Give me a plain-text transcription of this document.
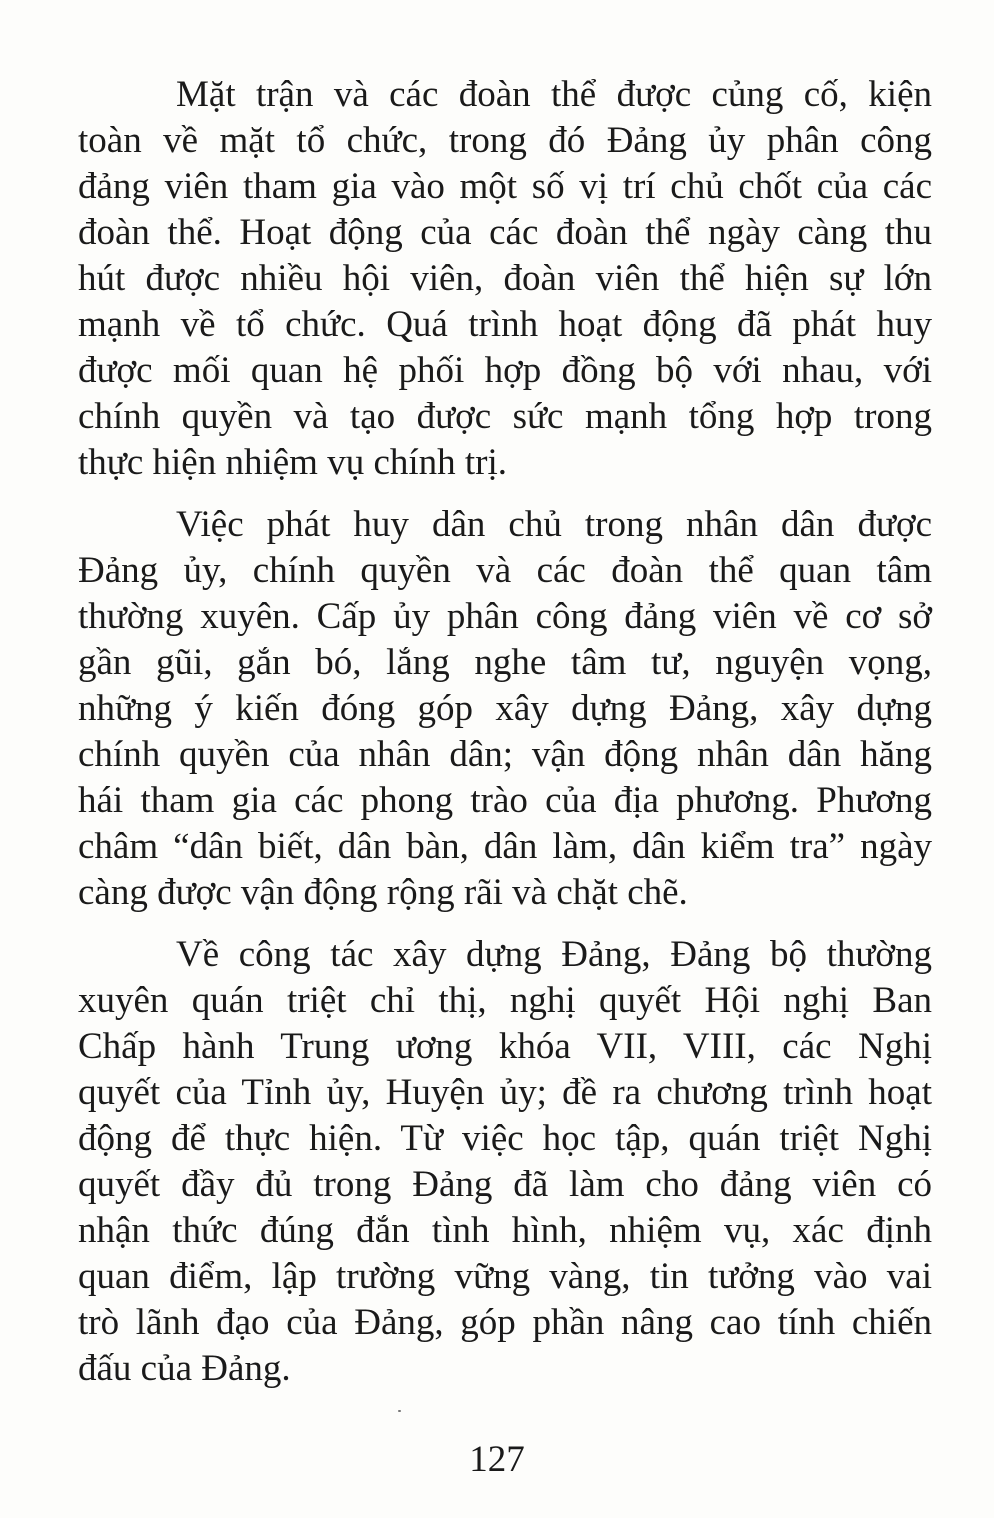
Mặt trận và các đoàn thể được củng cố, kiện
toàn về mặt tổ chức, trong đó Đảng ủy phân công
đảng viên tham gia vào một số vị trí chủ chốt của các
đoàn thể. Hoạt động của các đoàn thể ngày càng thu
hút được nhiều hội viên, đoàn viên thể hiện sự lớn
mạnh về tổ chức. Quá trình hoạt động đã phát huy
được mối quan hệ phối hợp đồng bộ với nhau, với
chính quyền và tạo được sức mạnh tổng hợp trong
thực hiện nhiệm vụ chính trị.

Việc phát huy dân chủ trong nhân dân được
Đảng ủy, chính quyền và các đoàn thể quan tâm
thường xuyên. Cấp ủy phân công đảng viên về cơ sở
gần gũi, gắn bó, lắng nghe tâm tư, nguyện vọng,
những ý kiến đóng góp xây dựng Đảng, xây dựng
chính quyền của nhân dân; vận động nhân dân hăng
hái tham gia các phong trào của địa phương. Phương
châm “dân biết, dân bàn, dân làm, dân kiểm tra” ngày
càng được vận động rộng rãi và chặt chẽ.

Về công tác xây dựng Đảng, Đảng bộ thường
xuyên quán triệt chỉ thị, nghị quyết Hội nghị Ban
Chấp hành Trung ương khóa VII, VIII, các Nghị
quyết của Tỉnh ủy, Huyện ủy; đề ra chương trình hoạt
động để thực hiện. Từ việc học tập, quán triệt Nghị
quyết đầy đủ trong Đảng đã làm cho đảng viên có
nhận thức đúng đắn tình hình, nhiệm vụ, xác định
quan điểm, lập trường vững vàng, tin tưởng vào vai
trò lãnh đạo của Đảng, góp phần nâng cao tính chiến
đấu của Đảng.

127
